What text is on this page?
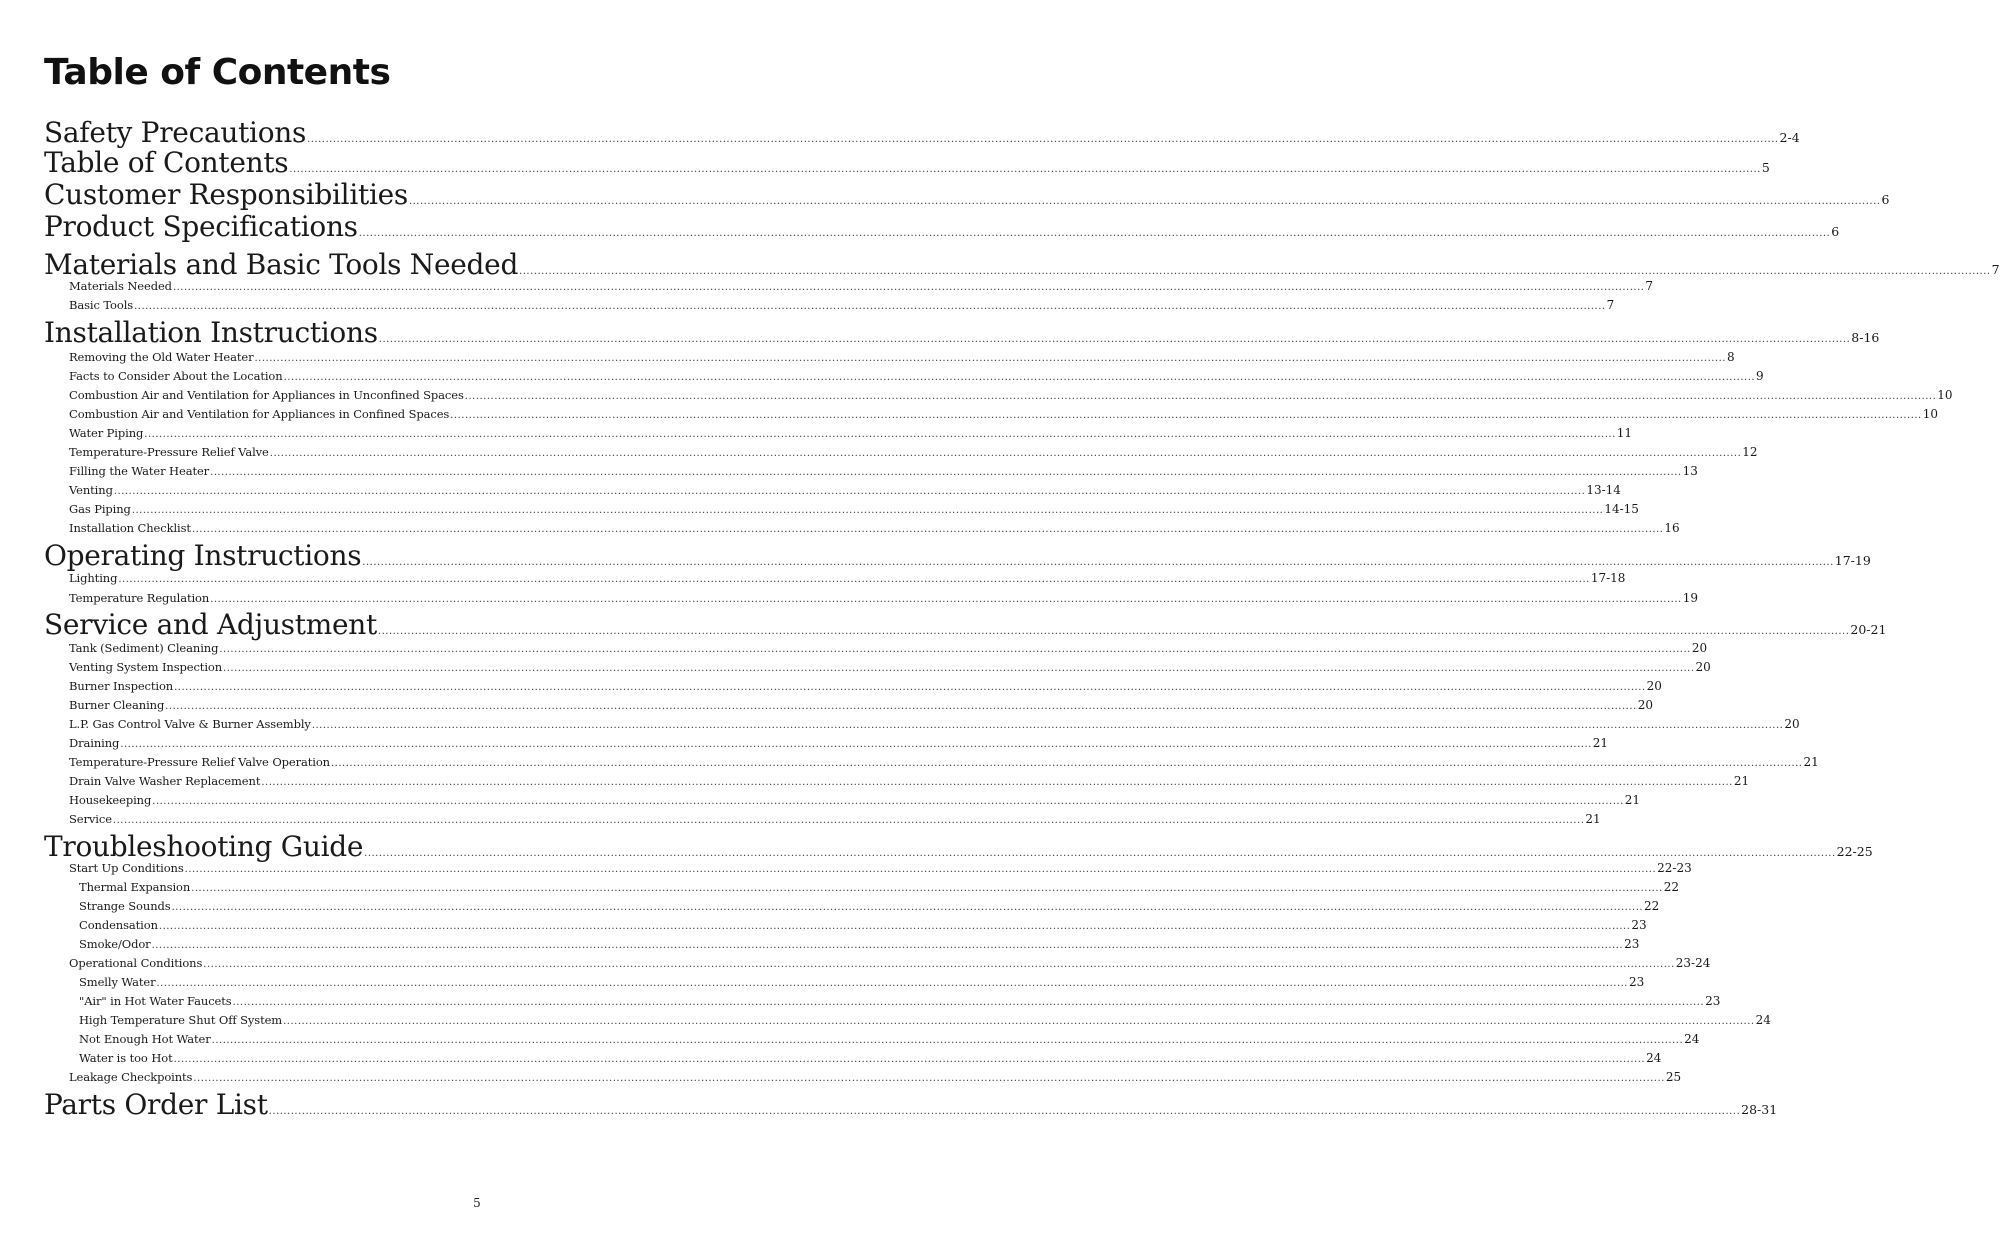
Table of Contents
Safety Precautions ................................................................................................................................................................................................................................................................................................................................................................................................................ 2-4
Table of Contents ................................................................................................................................................................................................................................................................................................................................................................................................................ 5
Customer Responsibilities ................................................................................................................................................................................................................................................................................................................................................................................................................ 6
Product Specifications ................................................................................................................................................................................................................................................................................................................................................................................................................ 6
Materials and Basic Tools Needed ................................................................................................................................................................................................................................................................................................................................................................................................................ 7
Materials Needed ................................................................................................................................................................................................................................................................................................................................................................................................................ 7
Basic Tools ................................................................................................................................................................................................................................................................................................................................................................................................................ 7
Installation Instructions ................................................................................................................................................................................................................................................................................................................................................................................................................ 8-16
Removing the Old Water Heater ................................................................................................................................................................................................................................................................................................................................................................................................................ 8
Facts to Consider About the Location ................................................................................................................................................................................................................................................................................................................................................................................................................ 9
Combustion Air and Ventilation for Appliances in Unconfined Spaces ................................................................................................................................................................................................................................................................................................................................................................................................................ 10
Combustion Air and Ventilation for Appliances in Confined Spaces ................................................................................................................................................................................................................................................................................................................................................................................................................ 10
Water Piping ................................................................................................................................................................................................................................................................................................................................................................................................................ 11
Temperature-Pressure Relief Valve ................................................................................................................................................................................................................................................................................................................................................................................................................ 12
Filling the Water Heater ................................................................................................................................................................................................................................................................................................................................................................................................................ 13
Venting ................................................................................................................................................................................................................................................................................................................................................................................................................ 13-14
Gas Piping ................................................................................................................................................................................................................................................................................................................................................................................................................ 14-15
Installation Checklist ................................................................................................................................................................................................................................................................................................................................................................................................................ 16
Operating Instructions ................................................................................................................................................................................................................................................................................................................................................................................................................ 17-19
Lighting ................................................................................................................................................................................................................................................................................................................................................................................................................ 17-18
Temperature Regulation ................................................................................................................................................................................................................................................................................................................................................................................................................ 19
Service and Adjustment ................................................................................................................................................................................................................................................................................................................................................................................................................ 20-21
Tank (Sediment) Cleaning ................................................................................................................................................................................................................................................................................................................................................................................................................ 20
Venting System Inspection ................................................................................................................................................................................................................................................................................................................................................................................................................ 20
Burner Inspection ................................................................................................................................................................................................................................................................................................................................................................................................................ 20
Burner Cleaning ................................................................................................................................................................................................................................................................................................................................................................................................................ 20
L.P. Gas Control Valve & Burner Assembly ................................................................................................................................................................................................................................................................................................................................................................................................................ 20
Draining ................................................................................................................................................................................................................................................................................................................................................................................................................ 21
Temperature-Pressure Relief Valve Operation ................................................................................................................................................................................................................................................................................................................................................................................................................ 21
Drain Valve Washer Replacement ................................................................................................................................................................................................................................................................................................................................................................................................................ 21
Housekeeping ................................................................................................................................................................................................................................................................................................................................................................................................................ 21
Service ................................................................................................................................................................................................................................................................................................................................................................................................................ 21
Troubleshooting Guide ................................................................................................................................................................................................................................................................................................................................................................................................................ 22-25
Start Up Conditions ................................................................................................................................................................................................................................................................................................................................................................................................................ 22-23
Thermal Expansion ................................................................................................................................................................................................................................................................................................................................................................................................................ 22
Strange Sounds ................................................................................................................................................................................................................................................................................................................................................................................................................ 22
Condensation ................................................................................................................................................................................................................................................................................................................................................................................................................ 23
Smoke/Odor ................................................................................................................................................................................................................................................................................................................................................................................................................ 23
Operational Conditions ................................................................................................................................................................................................................................................................................................................................................................................................................ 23-24
Smelly Water ................................................................................................................................................................................................................................................................................................................................................................................................................ 23
"Air" in Hot Water Faucets ................................................................................................................................................................................................................................................................................................................................................................................................................ 23
High Temperature Shut Off System ................................................................................................................................................................................................................................................................................................................................................................................................................ 24
Not Enough Hot Water ................................................................................................................................................................................................................................................................................................................................................................................................................ 24
Water is too Hot ................................................................................................................................................................................................................................................................................................................................................................................................................ 24
Leakage Checkpoints ................................................................................................................................................................................................................................................................................................................................................................................................................ 25
Parts Order List ................................................................................................................................................................................................................................................................................................................................................................................................................ 28-31
5
